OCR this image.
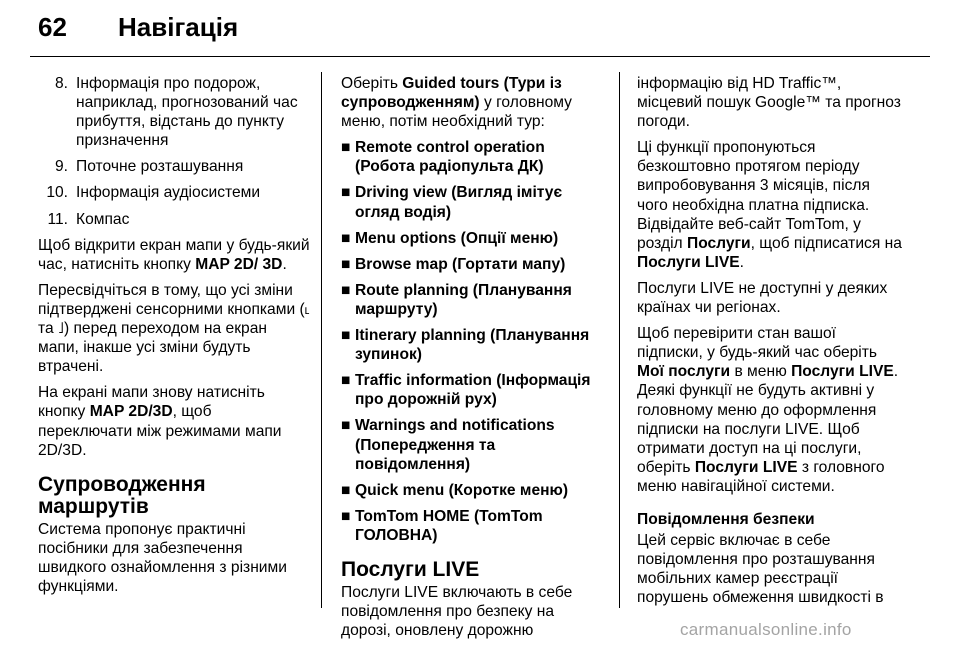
62 Навігація
8. Інформація про подорож, наприклад, прогнозований час прибуття, відстань до пункту призначення
9. Поточне розташування
10. Інформація аудіосистеми
11. Компас

Щоб відкрити екран мапи у будь-який час, натисніть кнопку MAP 2D/ 3D.

Пересвідчіться в тому, що усі зміни підтверджені сенсорними кнопками (˪ та ˩) перед переходом на екран мапи, інакше усі зміни будуть втрачені.

На екрані мапи знову натисніть кнопку MAP 2D/3D, щоб переключати між режимами мапи 2D/3D.

Супроводження маршрутів

Система пропонує практичні посібники для забезпечення швидкого ознайомлення з різними функціями.

Оберіть Guided tours (Тури із супроводженням) у головному меню, потім необхідний тур:

■ Remote control operation (Робота радіопульта ДК)
■ Driving view (Вигляд імітує огляд водія)
■ Menu options (Опції меню)
■ Browse map (Гортати мапу)
■ Route planning (Планування маршруту)
■ Itinerary planning (Планування зупинок)
■ Traffic information (Інформація про дорожній рух)
■ Warnings and notifications (Попередження та повідомлення)
■ Quick menu (Коротке меню)
■ TomTom HOME (TomTom ГОЛОВНА)
Послуги LIVE

Послуги LIVE включають в себе повідомлення про безпеку на дорозі, оновлену дорожню

інформацію від HD Traffic™, місцевий пошук Google™ та прогноз погоди.

Ці функції пропонуються безкоштовно протягом періоду випробовування 3 місяців, після чого необхідна платна підписка. Відвідайте веб-сайт TomTom, у розділ Послуги, щоб підписатися на Послуги LIVE.

Послуги LIVE не доступні у деяких країнах чи регіонах.

Щоб перевірити стан вашої підписки, у будь-який час оберіть Мої послуги в меню Послуги LIVE. Деякі функції не будуть активні у головному меню до оформлення підписки на послуги LIVE. Щоб отримати доступ на ці послуги, оберіть Послуги LIVE з головного меню навігаційної системи.

Повідомлення безпеки

Цей сервіс включає в себе повідомлення про розташування мобільних камер реєстрації порушень обмеження швидкості в

carmanualsonline.info
